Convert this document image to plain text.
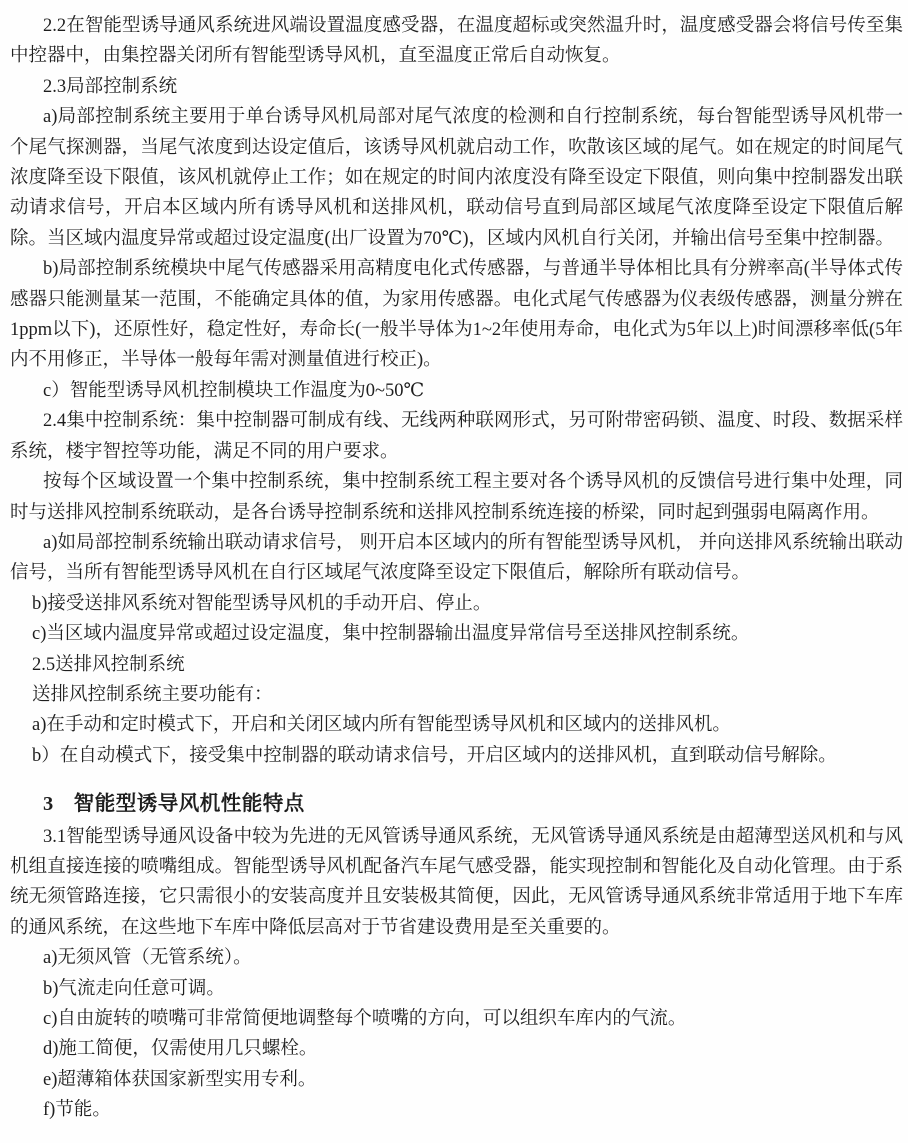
2.2在智能型诱导通风系统进风端设置温度感受器，在温度超标或突然温升时，温度感受器会将信号传至集中控器中，由集控器关闭所有智能型诱导风机，直至温度正常后自动恢复。

2.3局部控制系统

a)局部控制系统主要用于单台诱导风机局部对尾气浓度的检测和自行控制系统，每台智能型诱导风机带一个尾气探测器，当尾气浓度到达设定值后，该诱导风机就启动工作，吹散该区域的尾气。如在规定的时间尾气浓度降至设下限值，该风机就停止工作；如在规定的时间内浓度没有降至设定下限值，则向集中控制器发出联动请求信号，开启本区域内所有诱导风机和送排风机，联动信号直到局部区域尾气浓度降至设定下限值后解除。当区域内温度异常或超过设定温度(出厂设置为70℃)，区域内风机自行关闭，并输出信号至集中控制器。

b)局部控制系统模块中尾气传感器采用高精度电化式传感器，与普通半导体相比具有分辨率高(半导体式传感器只能测量某一范围，不能确定具体的值，为家用传感器。电化式尾气传感器为仪表级传感器，测量分辨在1ppm以下)，还原性好，稳定性好，寿命长(一般半导体为1~2年使用寿命，电化式为5年以上)时间漂移率低(5年内不用修正，半导体一般每年需对测量值进行校正)。

c）智能型诱导风机控制模块工作温度为0~50℃

2.4集中控制系统：集中控制器可制成有线、无线两种联网形式，另可附带密码锁、温度、时段、数据采样系统，楼宇智控等功能，满足不同的用户要求。

按每个区域设置一个集中控制系统，集中控制系统工程主要对各个诱导风机的反馈信号进行集中处理，同时与送排风控制系统联动，是各台诱导控制系统和送排风控制系统连接的桥梁，同时起到强弱电隔离作用。

a)如局部控制系统输出联动请求信号， 则开启本区域内的所有智能型诱导风机， 并向送排风系统输出联动信号，当所有智能型诱导风机在自行区域尾气浓度降至设定下限值后，解除所有联动信号。

b)接受送排风系统对智能型诱导风机的手动开启、停止。

c)当区域内温度异常或超过设定温度，集中控制器输出温度异常信号至送排风控制系统。

2.5送排风控制系统

送排风控制系统主要功能有：

a)在手动和定时模式下，开启和关闭区域内所有智能型诱导风机和区域内的送排风机。

b）在自动模式下，接受集中控制器的联动请求信号，开启区域内的送排风机，直到联动信号解除。

3 智能型诱导风机性能特点

3.1智能型诱导通风设备中较为先进的无风管诱导通风系统，无风管诱导通风系统是由超薄型送风机和与风机组直接连接的喷嘴组成。智能型诱导风机配备汽车尾气感受器，能实现控制和智能化及自动化管理。由于系统无须管路连接，它只需很小的安装高度并且安装极其简便，因此，无风管诱导通风系统非常适用于地下车库的通风系统，在这些地下车库中降低层高对于节省建设费用是至关重要的。

a)无须风管（无管系统）。

b)气流走向任意可调。

c)自由旋转的喷嘴可非常简便地调整每个喷嘴的方向，可以组织车库内的气流。

d)施工简便，仅需使用几只螺栓。

e)超薄箱体获国家新型实用专利。

f)节能。
